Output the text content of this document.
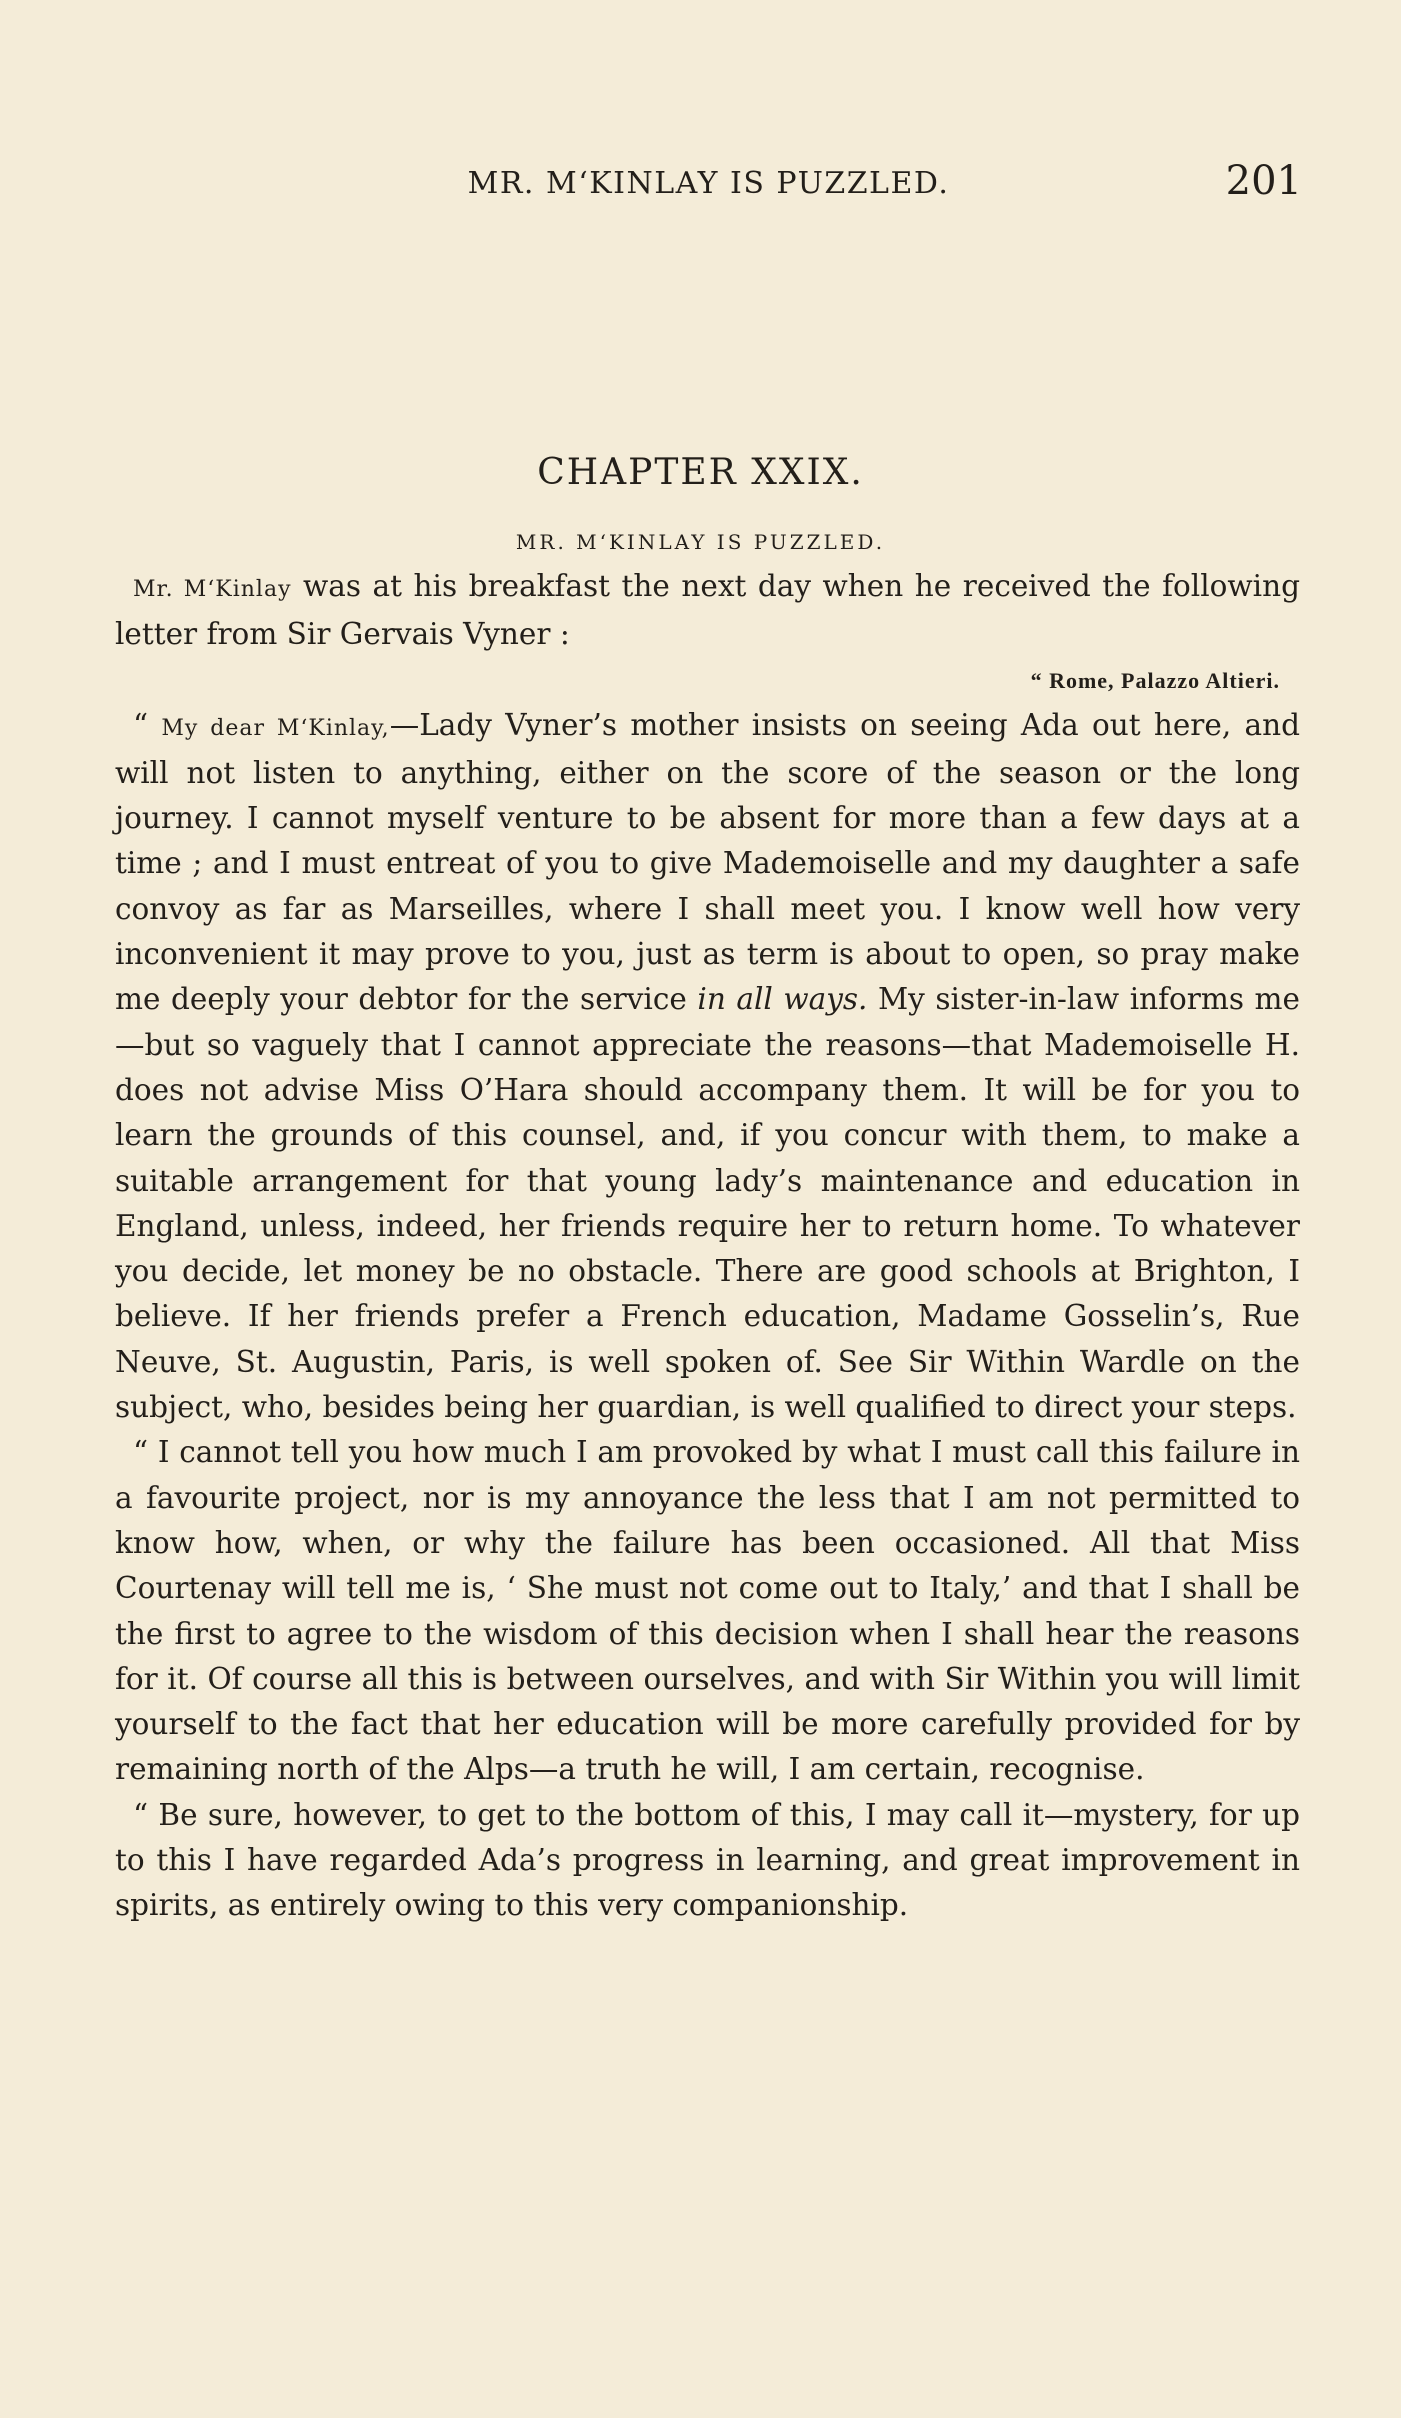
MR. M‘KINLAY IS PUZZLED.	201
CHAPTER XXIX.
MR. M‘KINLAY IS PUZZLED.

Mr. M‘Kinlay was at his breakfast the next day when he received the following letter from Sir Gervais Vyner :

“ Rome, Palazzo Altieri.

“ My dear M‘Kinlay,—Lady Vyner’s mother insists on seeing Ada out here, and will not listen to anything, either on the score of the season or the long journey. I cannot myself venture to be absent for more than a few days at a time ; and I must entreat of you to give Mademoiselle and my daughter a safe convoy as far as Marseilles, where I shall meet you. I know well how very inconvenient it may prove to you, just as term is about to open, so pray make me deeply your debtor for the service in all ways. My sister-in-law informs me—but so vaguely that I cannot appreciate the reasons—that Mademoiselle H. does not advise Miss O’Hara should accompany them. It will be for you to learn the grounds of this counsel, and, if you concur with them, to make a suitable arrangement for that young lady’s maintenance and education in England, unless, indeed, her friends require her to return home. To whatever you decide, let money be no obstacle. There are good schools at Brighton, I believe. If her friends prefer a French education, Madame Gosselin’s, Rue Neuve, St. Augustin, Paris, is well spoken of. See Sir Within Wardle on the subject, who, besides being her guardian, is well qualified to direct your steps.

“ I cannot tell you how much I am provoked by what I must call this failure in a favourite project, nor is my annoyance the less that I am not permitted to know how, when, or why the failure has been occasioned. All that Miss Courtenay will tell me is, ‘ She must not come out to Italy,’ and that I shall be the first to agree to the wisdom of this decision when I shall hear the reasons for it. Of course all this is between ourselves, and with Sir Within you will limit yourself to the fact that her education will be more carefully provided for by remaining north of the Alps—a truth he will, I am certain, recognise.

“ Be sure, however, to get to the bottom of this, I may call it—mystery, for up to this I have regarded Ada’s progress in learning, and great improvement in spirits, as entirely owing to this very companionship.
